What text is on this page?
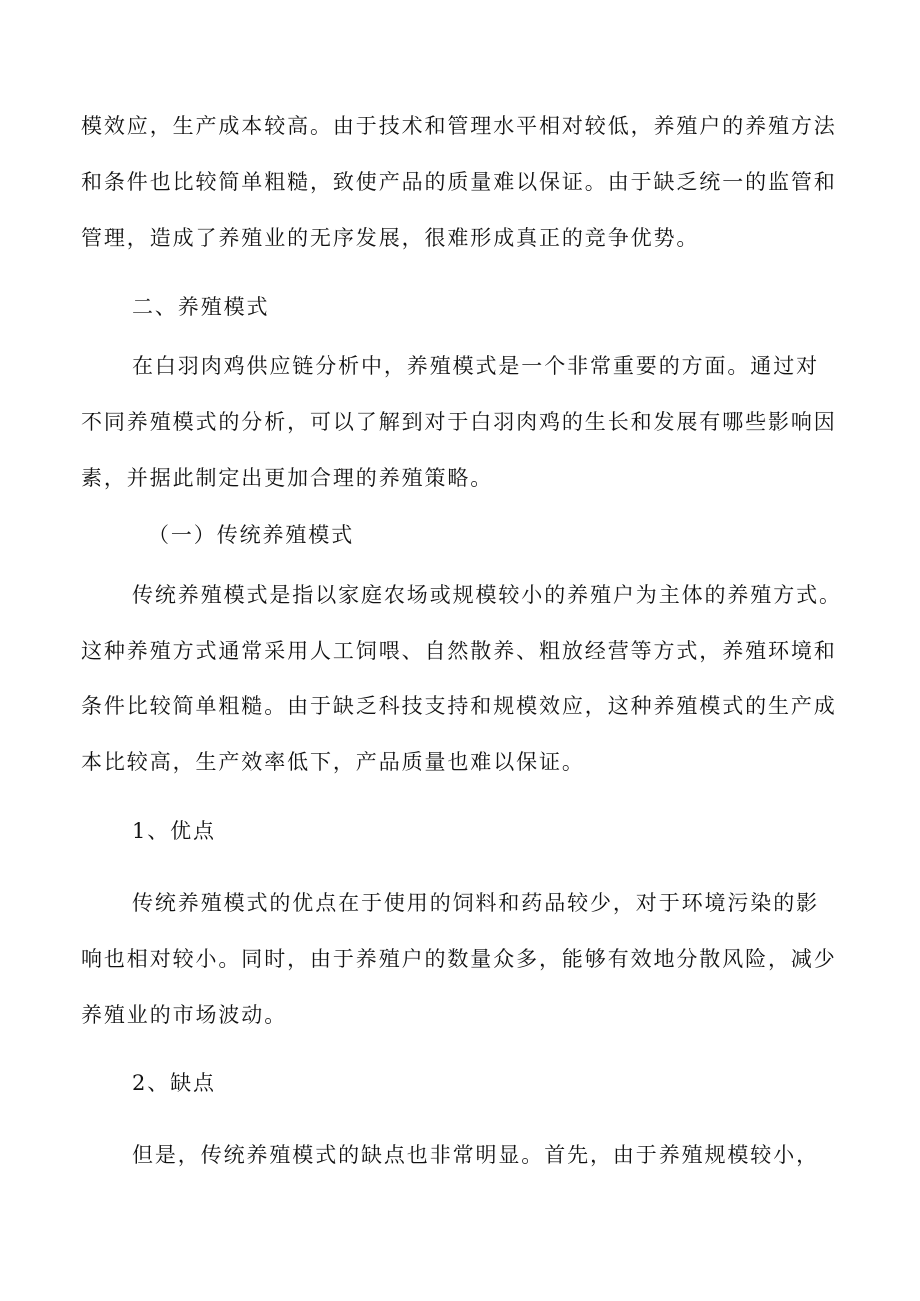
模效应，生产成本较高。由于技术和管理水平相对较低，养殖户的养殖方法
和条件也比较简单粗糙，致使产品的质量难以保证。由于缺乏统一的监管和
管理，造成了养殖业的无序发展，很难形成真正的竞争优势。
二、养殖模式
在白羽肉鸡供应链分析中，养殖模式是一个非常重要的方面。通过对
不同养殖模式的分析，可以了解到对于白羽肉鸡的生长和发展有哪些影响因
素，并据此制定出更加合理的养殖策略。
（一）传统养殖模式
传统养殖模式是指以家庭农场或规模较小的养殖户为主体的养殖方式。
这种养殖方式通常采用人工饲喂、自然散养、粗放经营等方式，养殖环境和
条件比较简单粗糙。由于缺乏科技支持和规模效应，这种养殖模式的生产成
本比较高，生产效率低下，产品质量也难以保证。
1、优点
传统养殖模式的优点在于使用的饲料和药品较少，对于环境污染的影
响也相对较小。同时，由于养殖户的数量众多，能够有效地分散风险，减少
养殖业的市场波动。
2、缺点
但是，传统养殖模式的缺点也非常明显。首先，由于养殖规模较小，
